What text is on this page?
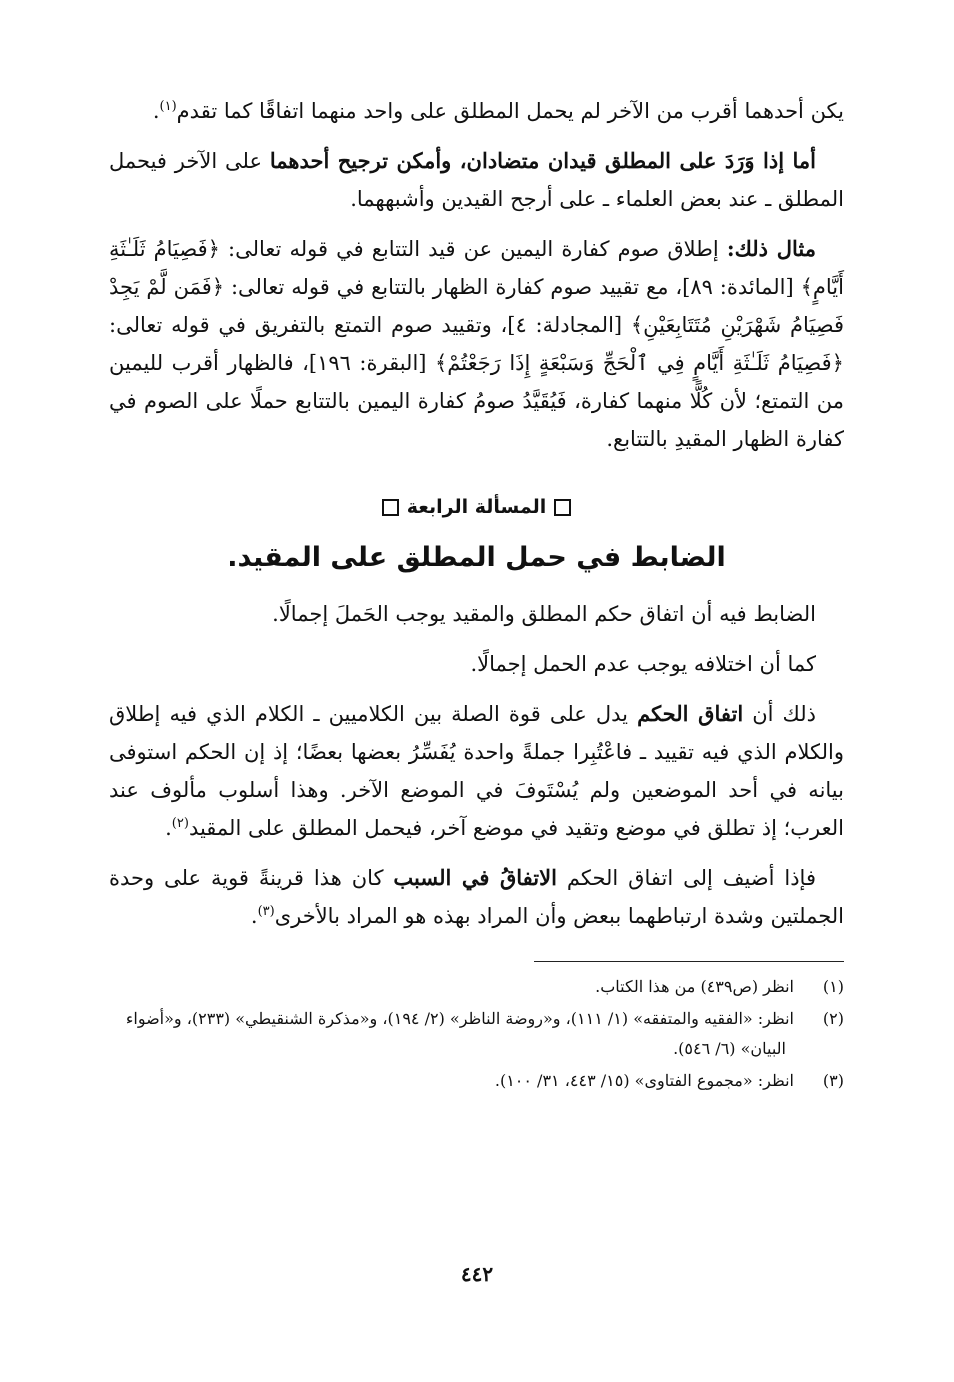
يكن أحدهما أقرب من الآخر لم يحمل المطلق على واحد منهما اتفاقًا كما تقدم$^{(١)}$.

أما إذا وَرَدَ على المطلق قيدان متضادان، وأمكن ترجيح أحدهما على الآخر فيحمل المطلق ـ عند بعض العلماء ـ على أرجح القيدين وأشبههما.

مثال ذلك: إطلاق صوم كفارة اليمين عن قيد التتابع في قوله تعالى: ﴿فَصِيَامُ ثَلَـٰثَةِ أَيَّامٍ﴾ [المائدة: ٨٩]، مع تقييد صوم كفارة الظهار بالتتابع في قوله تعالى: ﴿فَمَن لَّمْ يَجِدْ فَصِيَامُ شَهْرَيْنِ مُتَتَابِعَيْنِ﴾ [المجادلة: ٤]، وتقييد صوم التمتع بالتفريق في قوله تعالى: ﴿فَصِيَامُ ثَلَـٰثَةِ أَيَّامٍ فِي ٱلْحَجِّ وَسَبْعَةٍ إِذَا رَجَعْتُمْ﴾ [البقرة: ١٩٦]، فالظهار أقرب لليمين من التمتع؛ لأن كُلًّا منهما كفارة، فَيُقَيَّدُ صومُ كفارة اليمين بالتتابع حملًا على الصوم في كفارة الظهار المقيدِ بالتتابع.

المسألة الرابعة
الضابط في حمل المطلق على المقيد.

الضابط فيه أن اتفاق حكم المطلق والمقيد يوجب الحَملَ إجمالًا.

كما أن اختلافه يوجب عدم الحمل إجمالًا.

ذلك أن اتفاق الحكم يدل على قوة الصلة بين الكلاميين ـ الكلام الذي فيه إطلاق والكلام الذي فيه تقييد ـ فاعْتُبِرا جملةً واحدة يُفَسِّرُ بعضها بعضًا؛ إذ إن الحكم استوفى بيانه في أحد الموضعين ولم يُسْتَوفَ في الموضع الآخر. وهذا أسلوب مألوف عند العرب؛ إذ تطلق في موضع وتقيد في موضع آخر، فيحمل المطلق على المقيد$^{(٢)}$.

فإذا أضيف إلى اتفاق الحكم الاتفاقُ في السبب كان هذا قرينةً قوية على وحدة الجملتين وشدة ارتباطهما ببعض وأن المراد بهذه هو المراد بالأخرى$^{(٣)}$.

(١)انظر (ص٤٣٩) من هذا الكتاب.

(٢)انظر: «الفقيه والمتفقه» (١/ ١١١)، و«روضة الناظر» (٢/ ١٩٤)، و«مذكرة الشنقيطي» (٢٣٣)، و«أضواء البيان» (٦/ ٥٤٦).

(٣)انظر: «مجموع الفتاوى» (١٥/ ٤٤٣، ٣١/ ١٠٠).

٤٤٢
